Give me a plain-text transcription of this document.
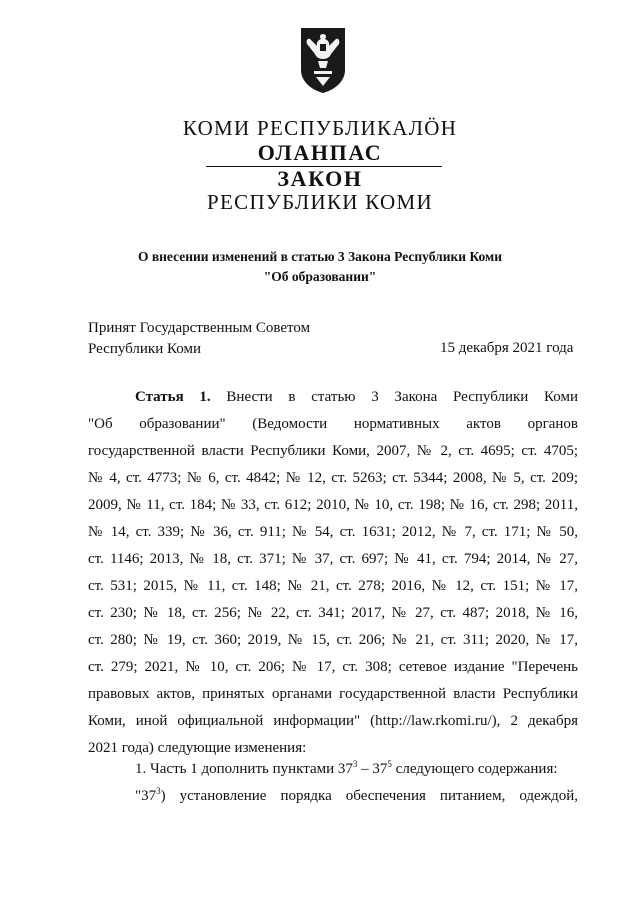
КОМИ РЕСПУБЛИКАЛӦН
ОЛАНПАС
ЗАКОН
РЕСПУБЛИКИ КОМИ
О внесении изменений в статью 3 Закона Республики Коми
"Об образовании"
Принят Государственным Советом
Республики Коми	15 декабря 2021 года
Статья 1. Внести в статью 3 Закона Республики Коми
"Об образовании" (Ведомости нормативных актов органов
государственной власти Республики Коми, 2007, № 2, ст. 4695; ст. 4705;
№ 4, ст. 4773; № 6, ст. 4842; № 12, ст. 5263; ст. 5344; 2008, № 5, ст. 209;
2009, № 11, ст. 184; № 33, ст. 612; 2010, № 10, ст. 198; № 16, ст. 298; 2011,
№ 14, ст. 339; № 36, ст. 911; № 54, ст. 1631; 2012, № 7, ст. 171; № 50,
ст. 1146; 2013, № 18, ст. 371; № 37, ст. 697; № 41, ст. 794; 2014, № 27,
ст. 531; 2015, № 11, ст. 148; № 21, ст. 278; 2016, № 12, ст. 151; № 17,
ст. 230; № 18, ст. 256; № 22, ст. 341; 2017, № 27, ст. 487; 2018, № 16,
ст. 280; № 19, ст. 360; 2019, № 15, ст. 206; № 21, ст. 311; 2020, № 17,
ст. 279; 2021, № 10, ст. 206; № 17, ст. 308; сетевое издание "Перечень
правовых актов, принятых органами государственной власти Республики
Коми, иной официальной информации" (http://law.rkomi.ru/), 2 декабря
2021 года) следующие изменения:
1. Часть 1 дополнить пунктами $37^3 - 37^5$ следующего содержания:
"$37^3$) установление порядка обеспечения питанием, одеждой,
